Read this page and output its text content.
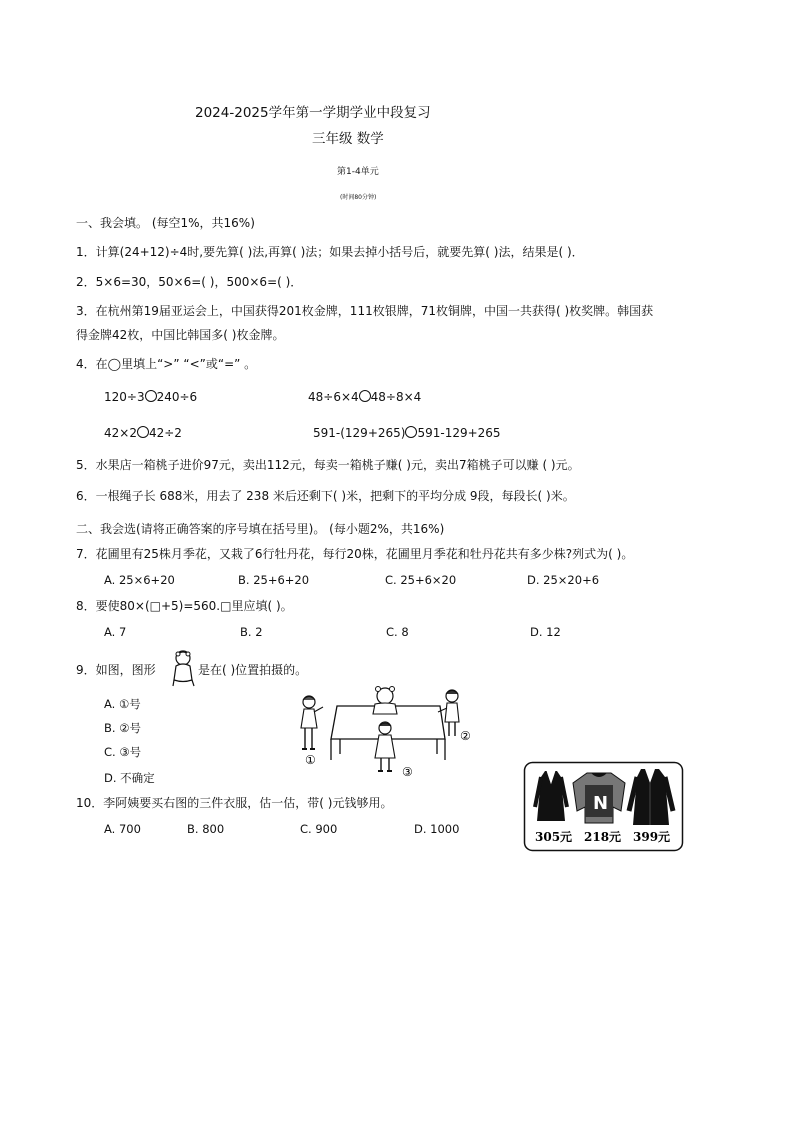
2024-2025学年第一学期学业中段复习
三年级 数学
第1-4单元
(时间80分钟)
一、我会填。 (每空1%，共16%)
1．计算(24+12)÷4时,要先算( )法,再算( )法；如果去掉小括号后，就要先算( )法，结果是( )．
2．5×6=30，50×6=( )，500×6=( )．
3．在杭州第19届亚运会上，中国获得201枚金牌，111枚银牌，71枚铜牌，中国一共获得( )枚奖牌。韩国获
得金牌42枚，中国比韩国多( )枚金牌。
4．在◯里填上“>” “<”或“=” 。
120÷3 240÷6	48÷6×4 48÷8×4
42×2 42÷2	591-(129+265) 591-129+265
5．水果店一箱桃子进价97元，卖出112元，每卖一箱桃子赚( )元，卖出7箱桃子可以赚 ( )元。
6．一根绳子长 688米，用去了 238 米后还剩下( )米，把剩下的平均分成 9段，每段长( )米。
二、我会选(请将正确答案的序号填在括号里)。 (每小题2%，共16%)
7．花圃里有25株月季花，又栽了6行牡丹花，每行20株，花圃里月季花和牡丹花共有多少株?列式为( )。
A. 25×6+20	B. 25+6+20	C. 25+6×20	D. 25×20+6
8．要使80×(□+5)=560.□里应填( )。
A. 7	B. 2	C. 8	D. 12
9．如图，图形	是在( )位置拍摄的。
A. ①号
B. ②号
C. ③号
D. 不确定
①
②
③
10．李阿姨要买右图的三件衣服，估一估，带( )元钱够用。
A. 700	B. 800	C. 900	D. 1000
N
305元 218元 399元
